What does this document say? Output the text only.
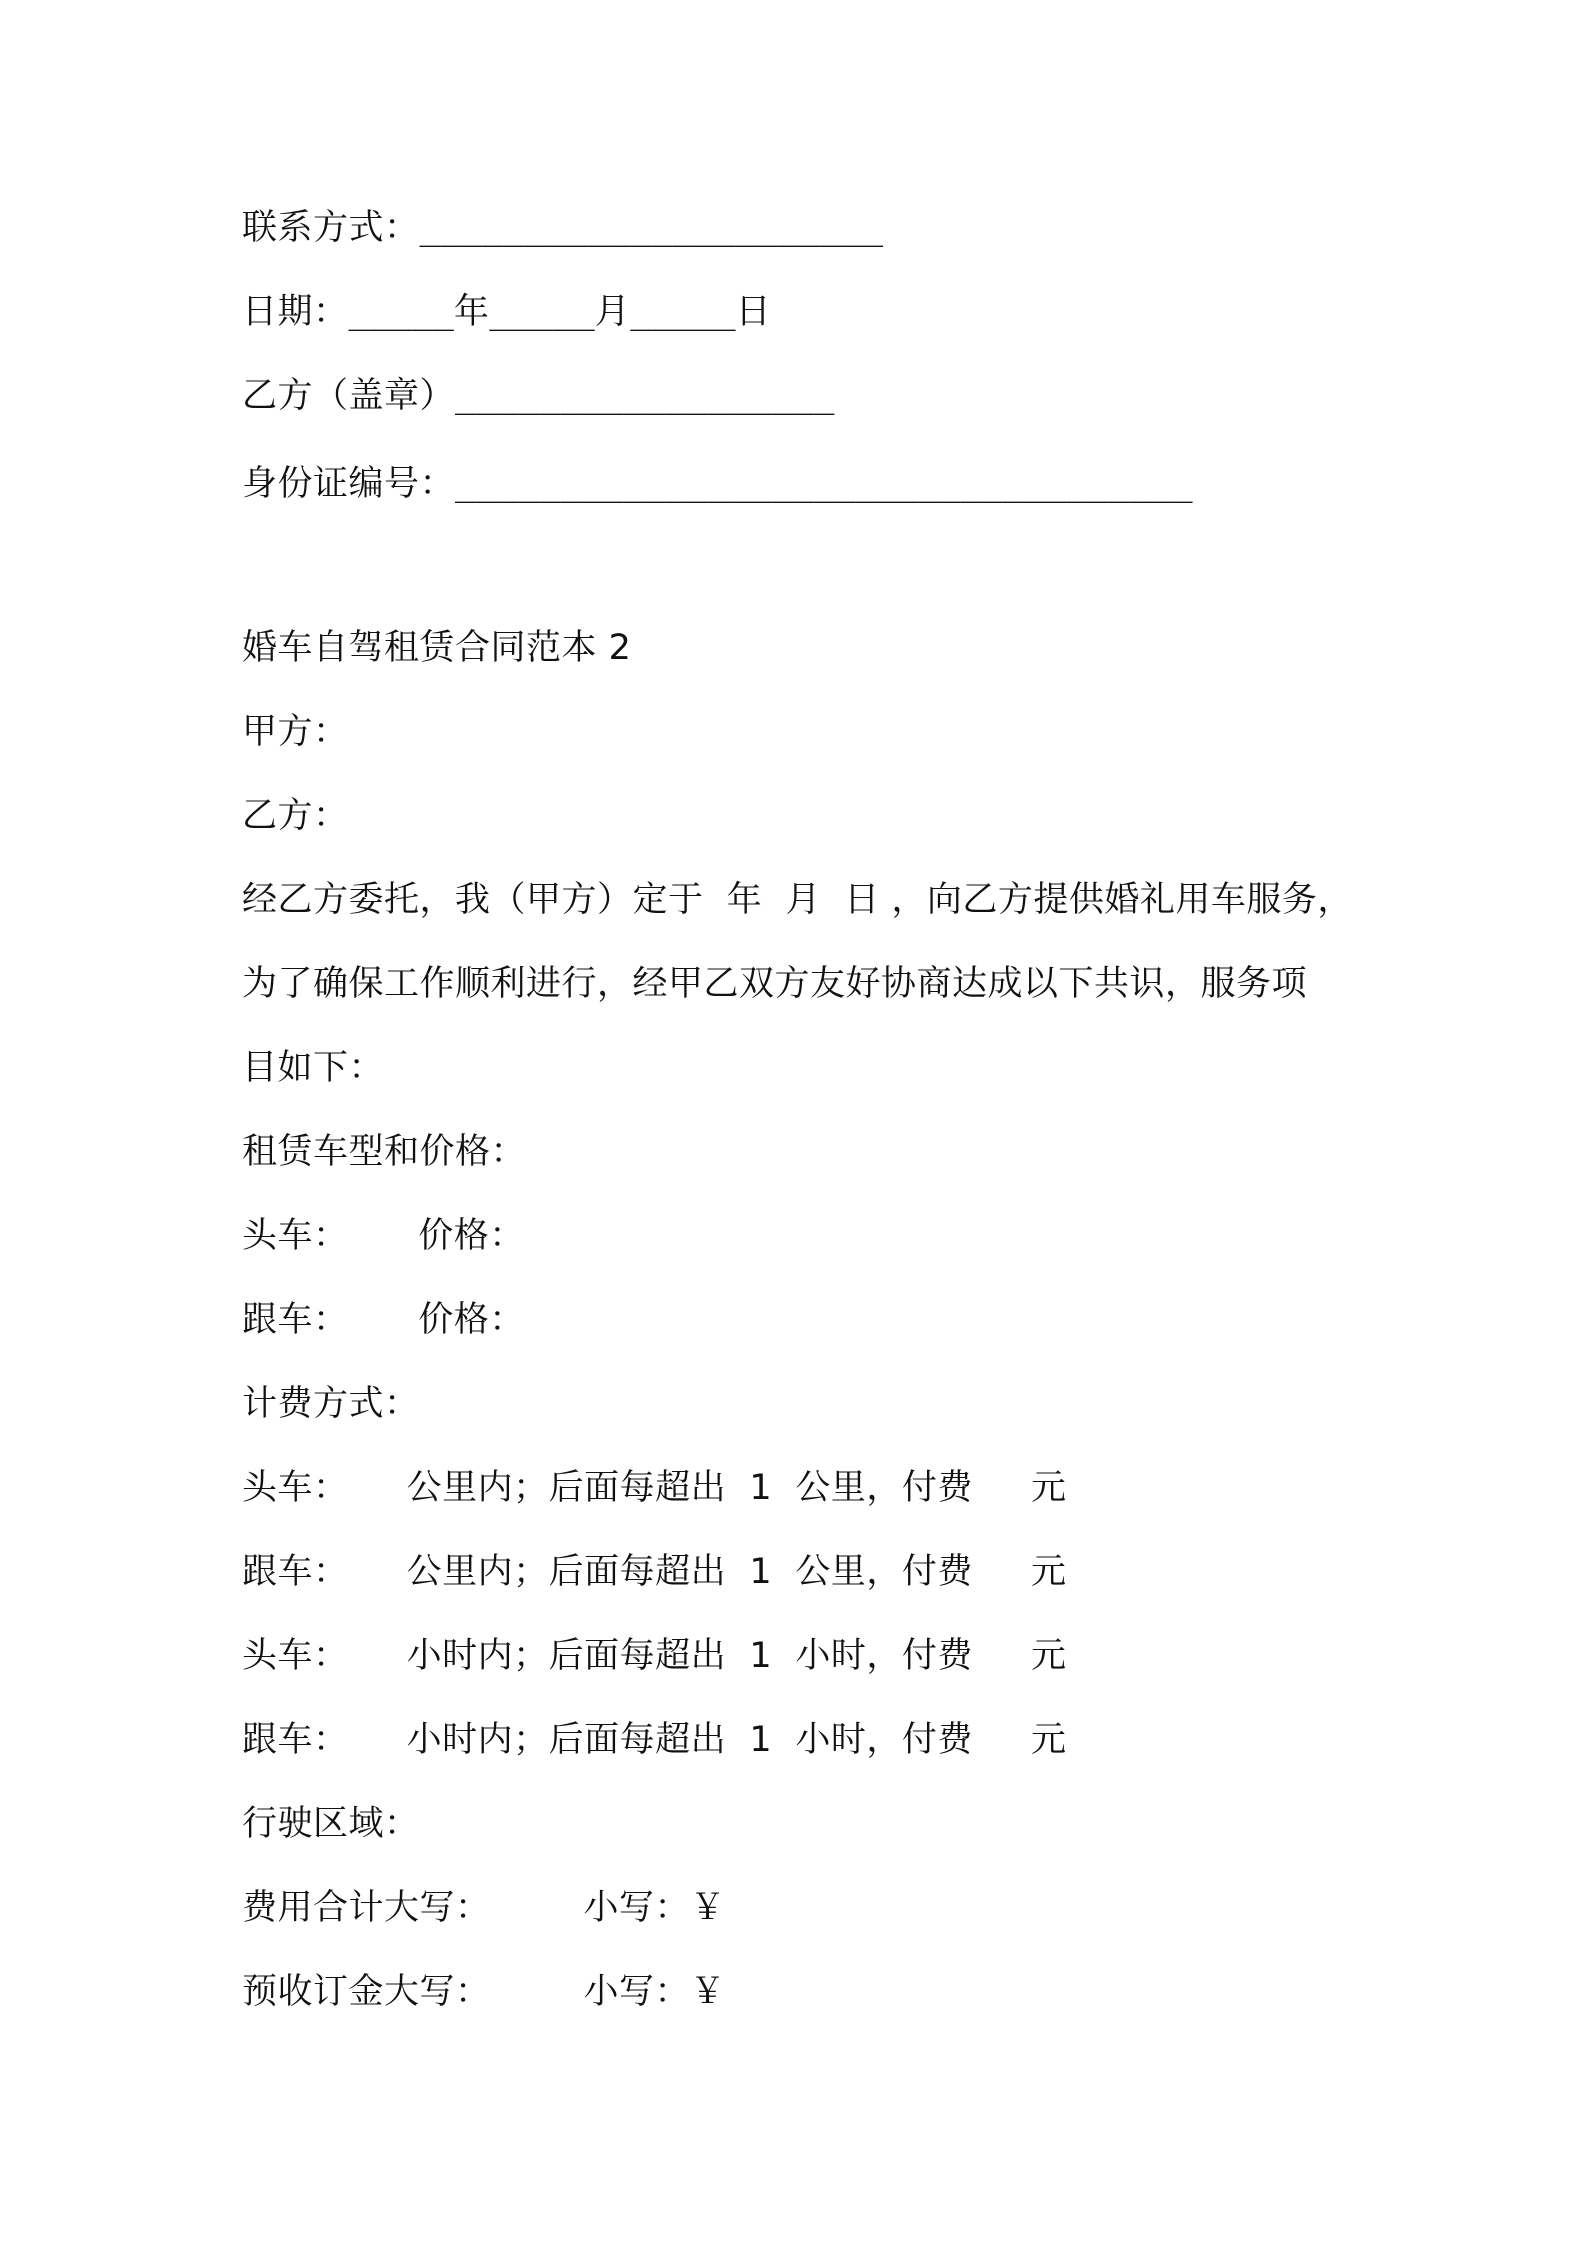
联系方式：______________________
日期：_____年_____月_____日
乙方（盖章）__________________
身份证编号：___________________________________
婚车自驾租赁合同范本 2
甲方：
乙方：
经乙方委托，我（甲方）定于  年  月  日 ，向乙方提供婚礼用车服务，
为了确保工作顺利进行，经甲乙双方友好协商达成以下共识，服务项
目如下：
租赁车型和价格：
头车：      价格：
跟车：      价格：
计费方式：
头车：     公里内；后面每超出  1  公里，付费     元
跟车：     公里内；后面每超出  1  公里，付费     元
头车：     小时内；后面每超出  1  小时，付费     元
跟车：     小时内；后面每超出  1  小时，付费     元
行驶区域：
费用合计大写：        小写：￥
预收订金大写：        小写：￥
